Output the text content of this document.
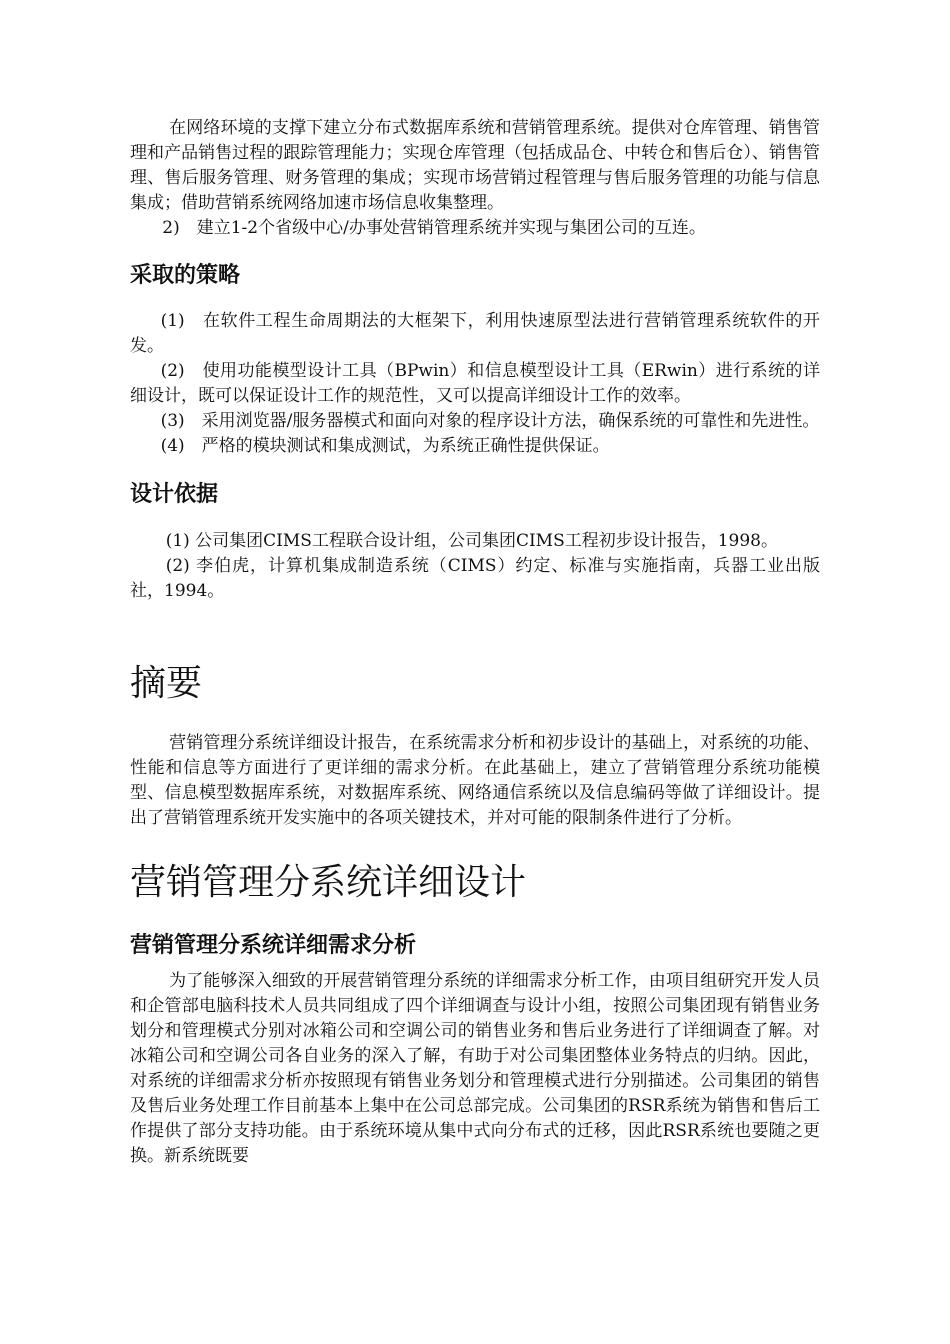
在网络环境的支撑下建立分布式数据库系统和营销管理系统。提供对仓库管理、销售管理和产品销售过程的跟踪管理能力；实现仓库管理（包括成品仓、中转仓和售后仓）、销售管理、售后服务管理、财务管理的集成；实现市场营销过程管理与售后服务管理的功能与信息集成；借助营销系统网络加速市场信息收集整理。

2)　建立1-2个省级中心/办事处营销管理系统并实现与集团公司的互连。

采取的策略

(1)　在软件工程生命周期法的大框架下，利用快速原型法进行营销管理系统软件的开发。

(2)　使用功能模型设计工具（BPwin）和信息模型设计工具（ERwin）进行系统的详细设计，既可以保证设计工作的规范性，又可以提高详细设计工作的效率。

(3)　采用浏览器/服务器模式和面向对象的程序设计方法，确保系统的可靠性和先进性。

(4)　严格的模块测试和集成测试，为系统正确性提供保证。

设计依据

(1) 公司集团CIMS工程联合设计组，公司集团CIMS工程初步设计报告，1998。

(2) 李伯虎，计算机集成制造系统（CIMS）约定、标准与实施指南，兵器工业出版社，1994。

摘要

营销管理分系统详细设计报告，在系统需求分析和初步设计的基础上，对系统的功能、性能和信息等方面进行了更详细的需求分析。在此基础上，建立了营销管理分系统功能模型、信息模型数据库系统，对数据库系统、网络通信系统以及信息编码等做了详细设计。提出了营销管理系统开发实施中的各项关键技术，并对可能的限制条件进行了分析。

营销管理分系统详细设计
营销管理分系统详细需求分析

为了能够深入细致的开展营销管理分系统的详细需求分析工作，由项目组研究开发人员和企管部电脑科技术人员共同组成了四个详细调查与设计小组，按照公司集团现有销售业务划分和管理模式分别对冰箱公司和空调公司的销售业务和售后业务进行了详细调查了解。对冰箱公司和空调公司各自业务的深入了解，有助于对公司集团整体业务特点的归纳。因此，对系统的详细需求分析亦按照现有销售业务划分和管理模式进行分别描述。公司集团的销售及售后业务处理工作目前基本上集中在公司总部完成。公司集团的RSR系统为销售和售后工作提供了部分支持功能。由于系统环境从集中式向分布式的迁移，因此RSR系统也要随之更换。新系统既要
